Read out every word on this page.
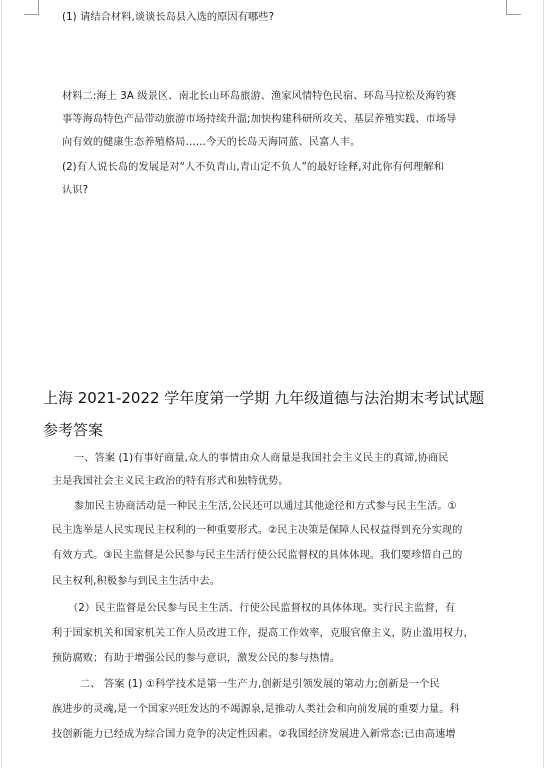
(1) 请结合材料,谈谈长岛县入选的原因有哪些?
材料二:海上 3A 级景区、南北长山环岛旅游、渔家风情特色民宿、环岛马拉松及海钓赛
事等海岛特色产品带动旅游市场持续升温;加快构建科研所攻关、基层养殖实践、市场导
向有效的健康生态养殖格局……今天的长岛天海同蓝、民富人丰。
(2)有人说长岛的发展是对“人不负青山,青山定不负人”的最好诠释,对此你有何理解和
认识?
上海 2021-2022 学年度第一学期 九年级道德与法治期末考试试题
参考答案
一、答案 (1)有事好商量,众人的事情由众人商量是我国社会主义民主的真谛,协商民
主是我国社会主义民主政治的特有形式和独特优势。
参加民主协商活动是一种民主生活,公民还可以通过其他途径和方式参与民主生活。①
民主选举是人民实现民主权利的一种重要形式。②民主决策是保障人民权益得到充分实现的
有效方式。③民主监督是公民参与民主生活行使公民监督权的具体体现。我们要珍惜自己的
民主权利,积极参与到民主生活中去。
（2）民主监督是公民参与民主生活、行使公民监督权的具体体现。实行民主监督，有
利于国家机关和国家机关工作人员改进工作，提高工作效率，克服官僚主义，防止滥用权力，
预防腐败；有助于增强公民的参与意识，激发公民的参与热情。
二、 答案 (1) ①科学技术是第一生产力,创新是引领发展的第动力;创新是一个民
族进步的灵魂,是一个国家兴旺发达的不竭源泉,是推动人类社会和向前发展的重要力量。科
技创新能力已经成为综合国力竞争的决定性因素。②我国经济发展进入新常态:已由高速增
